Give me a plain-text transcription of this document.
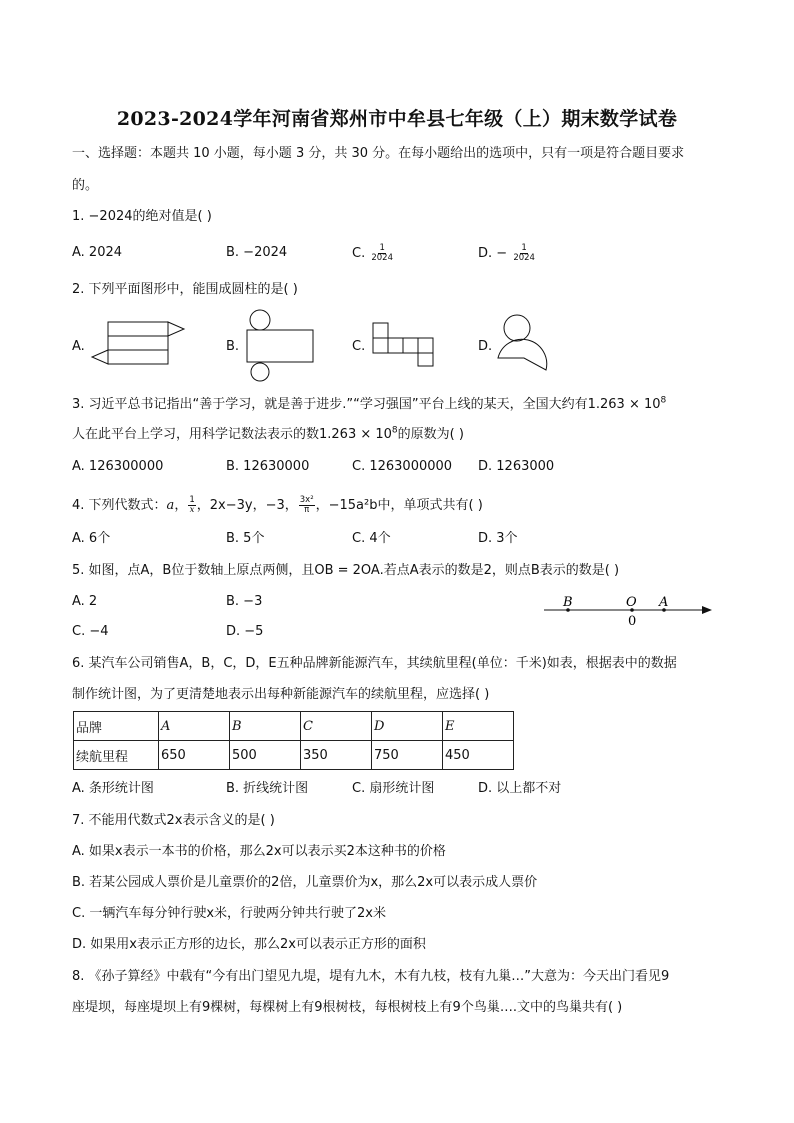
2023-2024学年河南省郑州市中牟县七年级（上）期末数学试卷
一、选择题：本题共 10 小题，每小题 3 分，共 30 分。在每小题给出的选项中，只有一项是符合题目要求
的。
1. −2024的绝对值是( )
A. 2024	B. −2024	C. $\frac{1}{2024}$	D. − $\frac{1}{2024}$
2. 下列平面图形中，能围成圆柱的是( )
A.	B.	C.	D.
3. 习近平总书记指出“善于学习，就是善于进步.”“学习强国”平台上线的某天，全国大约有$1.263 \times 10^8$
人在此平台上学习，用科学记数法表示的数$1.263 \times 10^8$的原数为( )
A. 126300000	B. 12630000	C. 1263000000 D. 1263000
4. 下列代数式：a， $\frac{1}{x}$ ，2x−3y，−3， $\frac{\text{3x²}}{\pi}$ ，−15a²b中，单项式共有( )
A. 6个	B. 5个	C. 4个	D. 3个
5. 如图，点A，B位于数轴上原点两侧，且OB = 2OA.若点A表示的数是2，则点B表示的数是( )
A. 2	B. −3
C. −4	D. −5
B	O A
0
6. 某汽车公司销售A，B，C，D，E五种品牌新能源汽车，其续航里程(单位：千米)如表，根据表中的数据
制作统计图，为了更清楚地表示出每种新能源汽车的续航里程，应选择( )
品牌	A	B	C	D	E
续航里程	650	500	350	750	450
A. 条形统计图	B. 折线统计图	C. 扇形统计图	D. 以上都不对
7. 不能用代数式2x表示含义的是( )
A. 如果x表示一本书的价格，那么2x可以表示买2本这种书的价格
B. 若某公园成人票价是儿童票价的2倍，儿童票价为x，那么2x可以表示成人票价
C. 一辆汽车每分钟行驶x米，行驶两分钟共行驶了2x米
D. 如果用x表示正方形的边长，那么2x可以表示正方形的面积
8. 《孙子算经》中载有“今有出门望见九堤，堤有九木，木有九枝，枝有九巢…”大意为：今天出门看见9
座堤坝，每座堤坝上有9棵树，每棵树上有9根树枝，每根树枝上有9个鸟巢….文中的鸟巢共有( )
